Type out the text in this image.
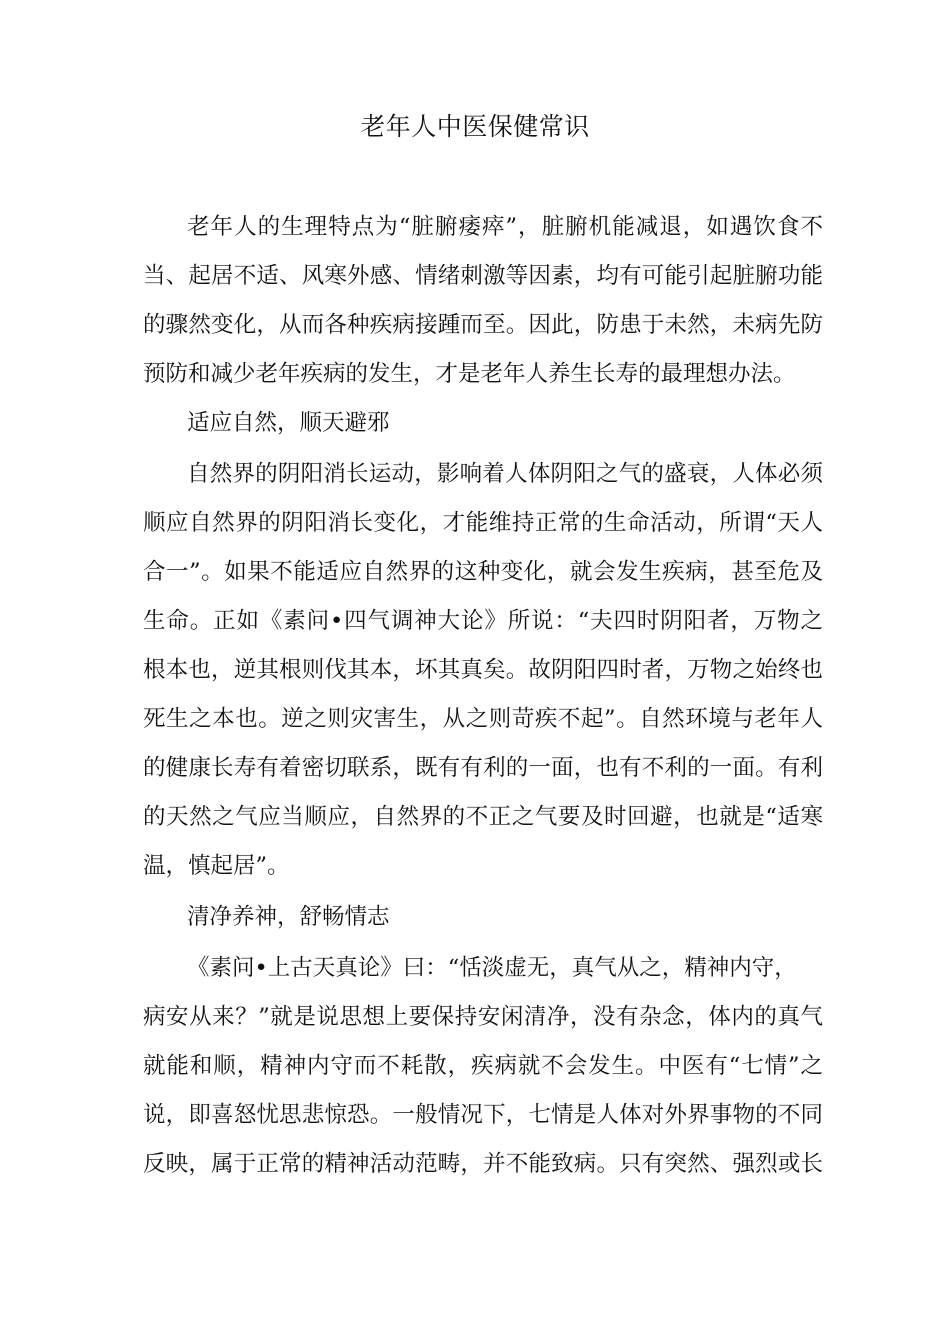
老年人中医保健常识
老年人的生理特点为“脏腑痿瘁”，脏腑机能减退，如遇饮食不
当、起居不适、风寒外感、情绪刺激等因素，均有可能引起脏腑功能
的骤然变化，从而各种疾病接踵而至。因此，防患于未然，未病先防
预防和减少老年疾病的发生，才是老年人养生长寿的最理想办法。
适应自然，顺天避邪
自然界的阴阳消长运动，影响着人体阴阳之气的盛衰，人体必须
顺应自然界的阴阳消长变化，才能维持正常的生命活动，所谓“天人
合一”。如果不能适应自然界的这种变化，就会发生疾病，甚至危及
生命。正如《素问•四气调神大论》所说：“夫四时阴阳者，万物之
根本也，逆其根则伐其本，坏其真矣。故阴阳四时者，万物之始终也
死生之本也。逆之则灾害生，从之则苛疾不起”。自然环境与老年人
的健康长寿有着密切联系，既有有利的一面，也有不利的一面。有利
的天然之气应当顺应，自然界的不正之气要及时回避，也就是“适寒
温，慎起居”。
清净养神，舒畅情志
《素问•上古天真论》曰：“恬淡虚无，真气从之，精神内守，
病安从来？”就是说思想上要保持安闲清净，没有杂念，体内的真气
就能和顺，精神内守而不耗散，疾病就不会发生。中医有“七情”之
说，即喜怒忧思悲惊恐。一般情况下，七情是人体对外界事物的不同
反映，属于正常的精神活动范畴，并不能致病。只有突然、强烈或长
